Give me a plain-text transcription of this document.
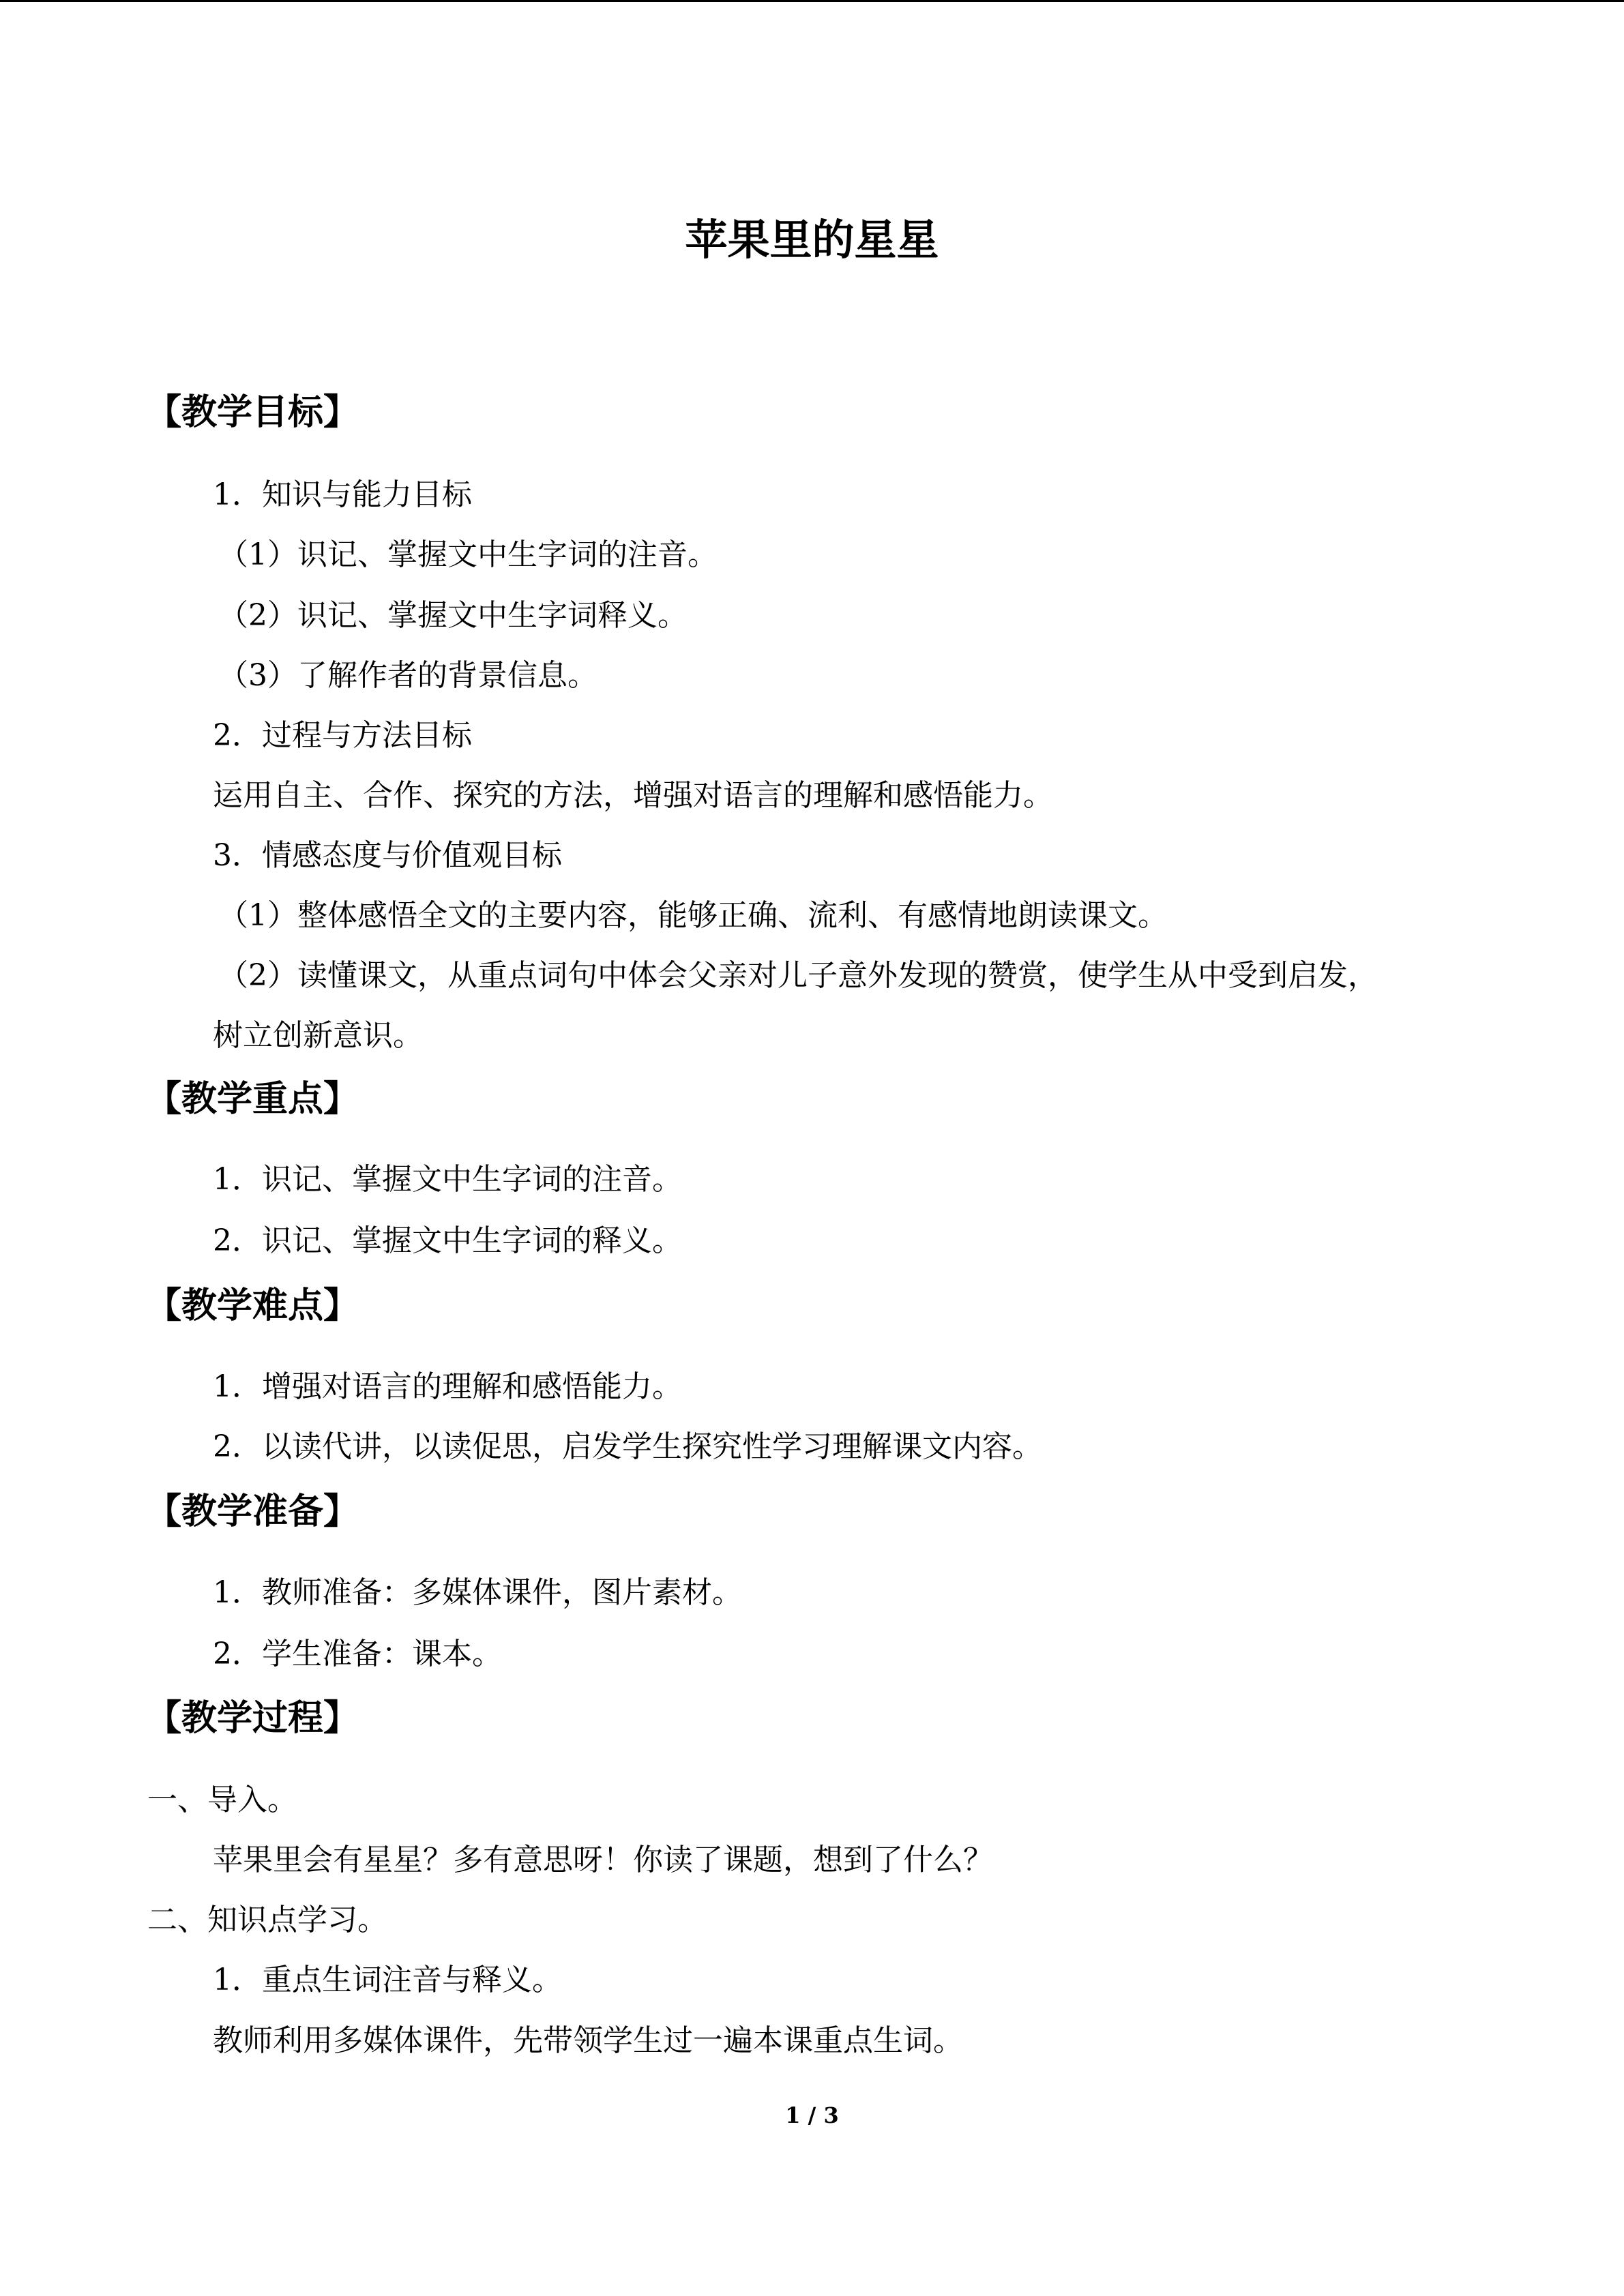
苹果里的星星
【教学目标】

1．知识与能力目标

（1）识记、掌握文中生字词的注音。

（2）识记、掌握文中生字词释义。

（3）了解作者的背景信息。

2．过程与方法目标

运用自主、合作、探究的方法，增强对语言的理解和感悟能力。

3．情感态度与价值观目标

（1）整体感悟全文的主要内容，能够正确、流利、有感情地朗读课文。

（2）读懂课文，从重点词句中体会父亲对儿子意外发现的赞赏，使学生从中受到启发，

树立创新意识。

【教学重点】

1．识记、掌握文中生字词的注音。

2．识记、掌握文中生字词的释义。

【教学难点】

1．增强对语言的理解和感悟能力。

2．以读代讲，以读促思，启发学生探究性学习理解课文内容。

【教学准备】

1．教师准备：多媒体课件，图片素材。

2．学生准备：课本。

【教学过程】

一、导入。

苹果里会有星星？多有意思呀！你读了课题，想到了什么？

二、知识点学习。

1．重点生词注音与释义。

教师利用多媒体课件，先带领学生过一遍本课重点生词。

1 / 3
